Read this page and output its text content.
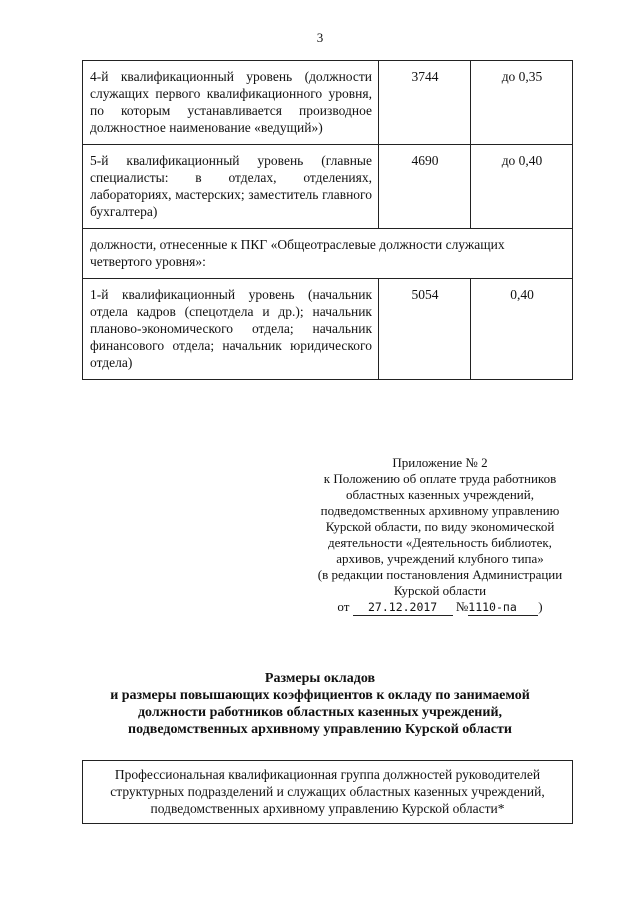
3
4-й квалификационный уровень (должности служащих первого квалификационного уровня, по которым устанавливается производное должностное наименование «ведущий»)	3744	до 0,35
5-й квалификационный уровень (главные специалисты: в отделах, отделениях, лабораториях, мастерских; заместитель главного бухгалтера)	4690	до 0,40
должности, отнесенные к ПКГ «Общеотраслевые должности служащих четвертого уровня»:		
1-й квалификационный уровень (начальник отдела кадров (спецотдела и др.); начальник планово-экономического отдела; начальник финансового отдела; начальник юридического отдела)	5054	0,40
Приложение № 2
к Положению об оплате труда работников
областных казенных учреждений,
подведомственных архивному управлению
Курской области, по виду экономической
деятельности «Деятельность библиотек,
архивов, учреждений клубного типа»
(в редакции постановления Администрации
Курской области
от 27.12.2017 №1110-па )
Размеры окладов
и размеры повышающих коэффициентов к окладу по занимаемой
должности работников областных казенных учреждений,
подведомственных архивному управлению Курской области
Профессиональная квалификационная группа должностей руководителей структурных подразделений и служащих областных казенных учреждений, подведомственных архивному управлению Курской области*
